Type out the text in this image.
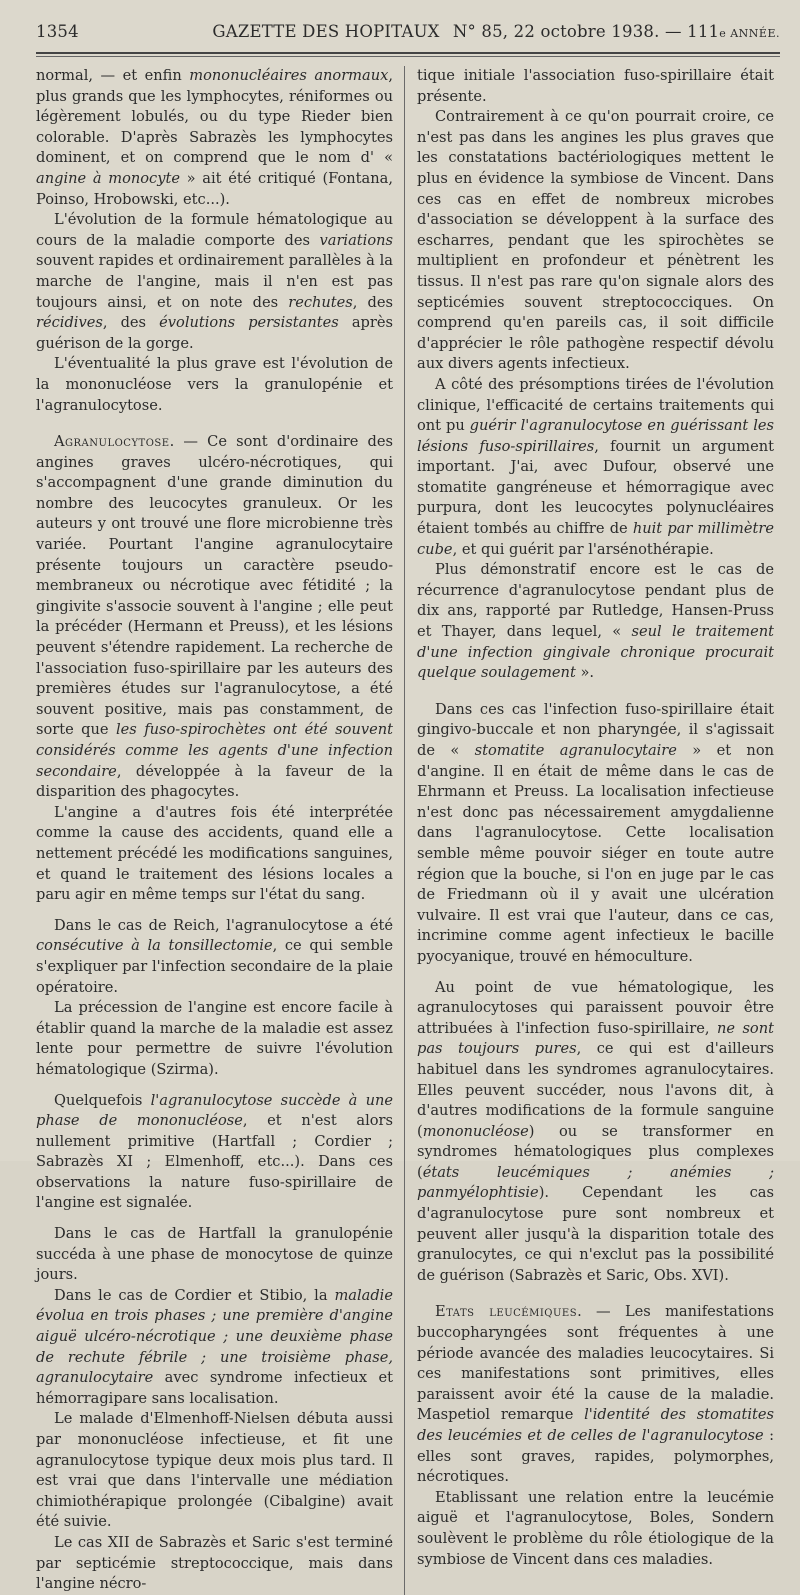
1354	GAZETTE DES HOPITAUX N° 85, 22 octobre 1938. — 111e ANNÉE.

normal, — et enfin mononucléaires anormaux, plus grands que les lymphocytes, réniformes ou légèrement lobulés, ou du type Rieder bien colorable. D'après Sabrazès les lymphocytes dominent, et on comprend que le nom d' « angine à monocyte » ait été critiqué (Fontana, Poinso, Hrobowski, etc...).

L'évolution de la formule hématologique au cours de la maladie comporte des variations souvent rapides et ordinairement parallèles à la marche de l'angine, mais il n'en est pas toujours ainsi, et on note des rechutes, des récidives, des évolutions persistantes après guérison de la gorge.

L'éventualité la plus grave est l'évolution de la mononucléose vers la granulopénie et l'agranulocytose.

Agranulocytose. — Ce sont d'ordinaire des angines graves ulcéro-nécrotiques, qui s'accompagnent d'une grande diminution du nombre des leucocytes granuleux. Or les auteurs y ont trouvé une flore microbienne très variée. Pourtant l'angine agranulocytaire présente toujours un caractère pseudo-membraneux ou nécrotique avec fétidité ; la gingivite s'associe souvent à l'angine ; elle peut la précéder (Hermann et Preuss), et les lésions peuvent s'étendre rapidement. La recherche de l'association fuso-spirillaire par les auteurs des premières études sur l'agranulocytose, a été souvent positive, mais pas constamment, de sorte que les fuso-spirochètes ont été souvent considérés comme les agents d'une infection secondaire, développée à la faveur de la disparition des phagocytes.

L'angine a d'autres fois été interprétée comme la cause des accidents, quand elle a nettement précédé les modifications sanguines, et quand le traitement des lésions locales a paru agir en même temps sur l'état du sang.

Dans le cas de Reich, l'agranulocytose a été consécutive à la tonsillectomie, ce qui semble s'expliquer par l'infection secondaire de la plaie opératoire.

La précession de l'angine est encore facile à établir quand la marche de la maladie est assez lente pour permettre de suivre l'évolution hématologique (Szirma).

Quelquefois l'agranulocytose succède à une phase de mononucléose, et n'est alors nullement primitive (Hartfall ; Cordier ; Sabrazès XI ; Elmenhoff, etc...). Dans ces observations la nature fuso-spirillaire de l'angine est signalée.

Dans le cas de Hartfall la granulopénie succéda à une phase de monocytose de quinze jours.

Dans le cas de Cordier et Stibio, la maladie évolua en trois phases ; une première d'angine aiguë ulcéro-nécrotique ; une deuxième phase de rechute fébrile ; une troisième phase, agranulocytaire avec syndrome infectieux et hémorragipare sans localisation.

Le malade d'Elmenhoff-Nielsen débuta aussi par mononucléose infectieuse, et fit une agranulocytose typique deux mois plus tard. Il est vrai que dans l'intervalle une médiation chimiothérapique prolongée (Cibalgine) avait été suivie.

Le cas XII de Sabrazès et Saric s'est terminé par septicémie streptococcique, mais dans l'angine nécro-

tique initiale l'association fuso-spirillaire était présente.

Contrairement à ce qu'on pourrait croire, ce n'est pas dans les angines les plus graves que les constatations bactériologiques mettent le plus en évidence la symbiose de Vincent. Dans ces cas en effet de nombreux microbes d'association se développent à la surface des escharres, pendant que les spirochètes se multiplient en profondeur et pénètrent les tissus. Il n'est pas rare qu'on signale alors des septicémies souvent streptococciques. On comprend qu'en pareils cas, il soit difficile d'apprécier le rôle pathogène respectif dévolu aux divers agents infectieux.

A côté des présomptions tirées de l'évolution clinique, l'efficacité de certains traitements qui ont pu guérir l'agranulocytose en guérissant les lésions fuso-spirillaires, fournit un argument important. J'ai, avec Dufour, observé une stomatite gangréneuse et hémorragique avec purpura, dont les leucocytes polynucléaires étaient tombés au chiffre de huit par millimètre cube, et qui guérit par l'arsénothérapie.

Plus démonstratif encore est le cas de récurrence d'agranulocytose pendant plus de dix ans, rapporté par Rutledge, Hansen-Pruss et Thayer, dans lequel, « seul le traitement d'une infection gingivale chronique procurait quelque soulagement ».

Dans ces cas l'infection fuso-spirillaire était gingivo-buccale et non pharyngée, il s'agissait de « stomatite agranulocytaire » et non d'angine. Il en était de même dans le cas de Ehrmann et Preuss. La localisation infectieuse n'est donc pas nécessairement amygdalienne dans l'agranulocytose. Cette localisation semble même pouvoir siéger en toute autre région que la bouche, si l'on en juge par le cas de Friedmann où il y avait une ulcération vulvaire. Il est vrai que l'auteur, dans ce cas, incrimine comme agent infectieux le bacille pyocyanique, trouvé en hémoculture.

Au point de vue hématologique, les agranulocytoses qui paraissent pouvoir être attribuées à l'infection fuso-spirillaire, ne sont pas toujours pures, ce qui est d'ailleurs habituel dans les syndromes agranulocytaires. Elles peuvent succéder, nous l'avons dit, à d'autres modifications de la formule sanguine (mononucléose) ou se transformer en syndromes hématologiques plus complexes (états leucémiques ; anémies ; panmyélophtisie). Cependant les cas d'agranulocytose pure sont nombreux et peuvent aller jusqu'à la disparition totale des granulocytes, ce qui n'exclut pas la possibilité de guérison (Sabrazès et Saric, Obs. XVI).

Etats leucémiques. — Les manifestations buccopharyngées sont fréquentes à une période avancée des maladies leucocytaires. Si ces manifestations sont primitives, elles paraissent avoir été la cause de la maladie. Maspetiol remarque l'identité des stomatites des leucémies et de celles de l'agranulocytose : elles sont graves, rapides, polymorphes, nécrotiques.

Etablissant une relation entre la leucémie aiguë et l'agranulocytose, Boles, Sondern soulèvent le problème du rôle étiologique de la symbiose de Vincent dans ces maladies.
